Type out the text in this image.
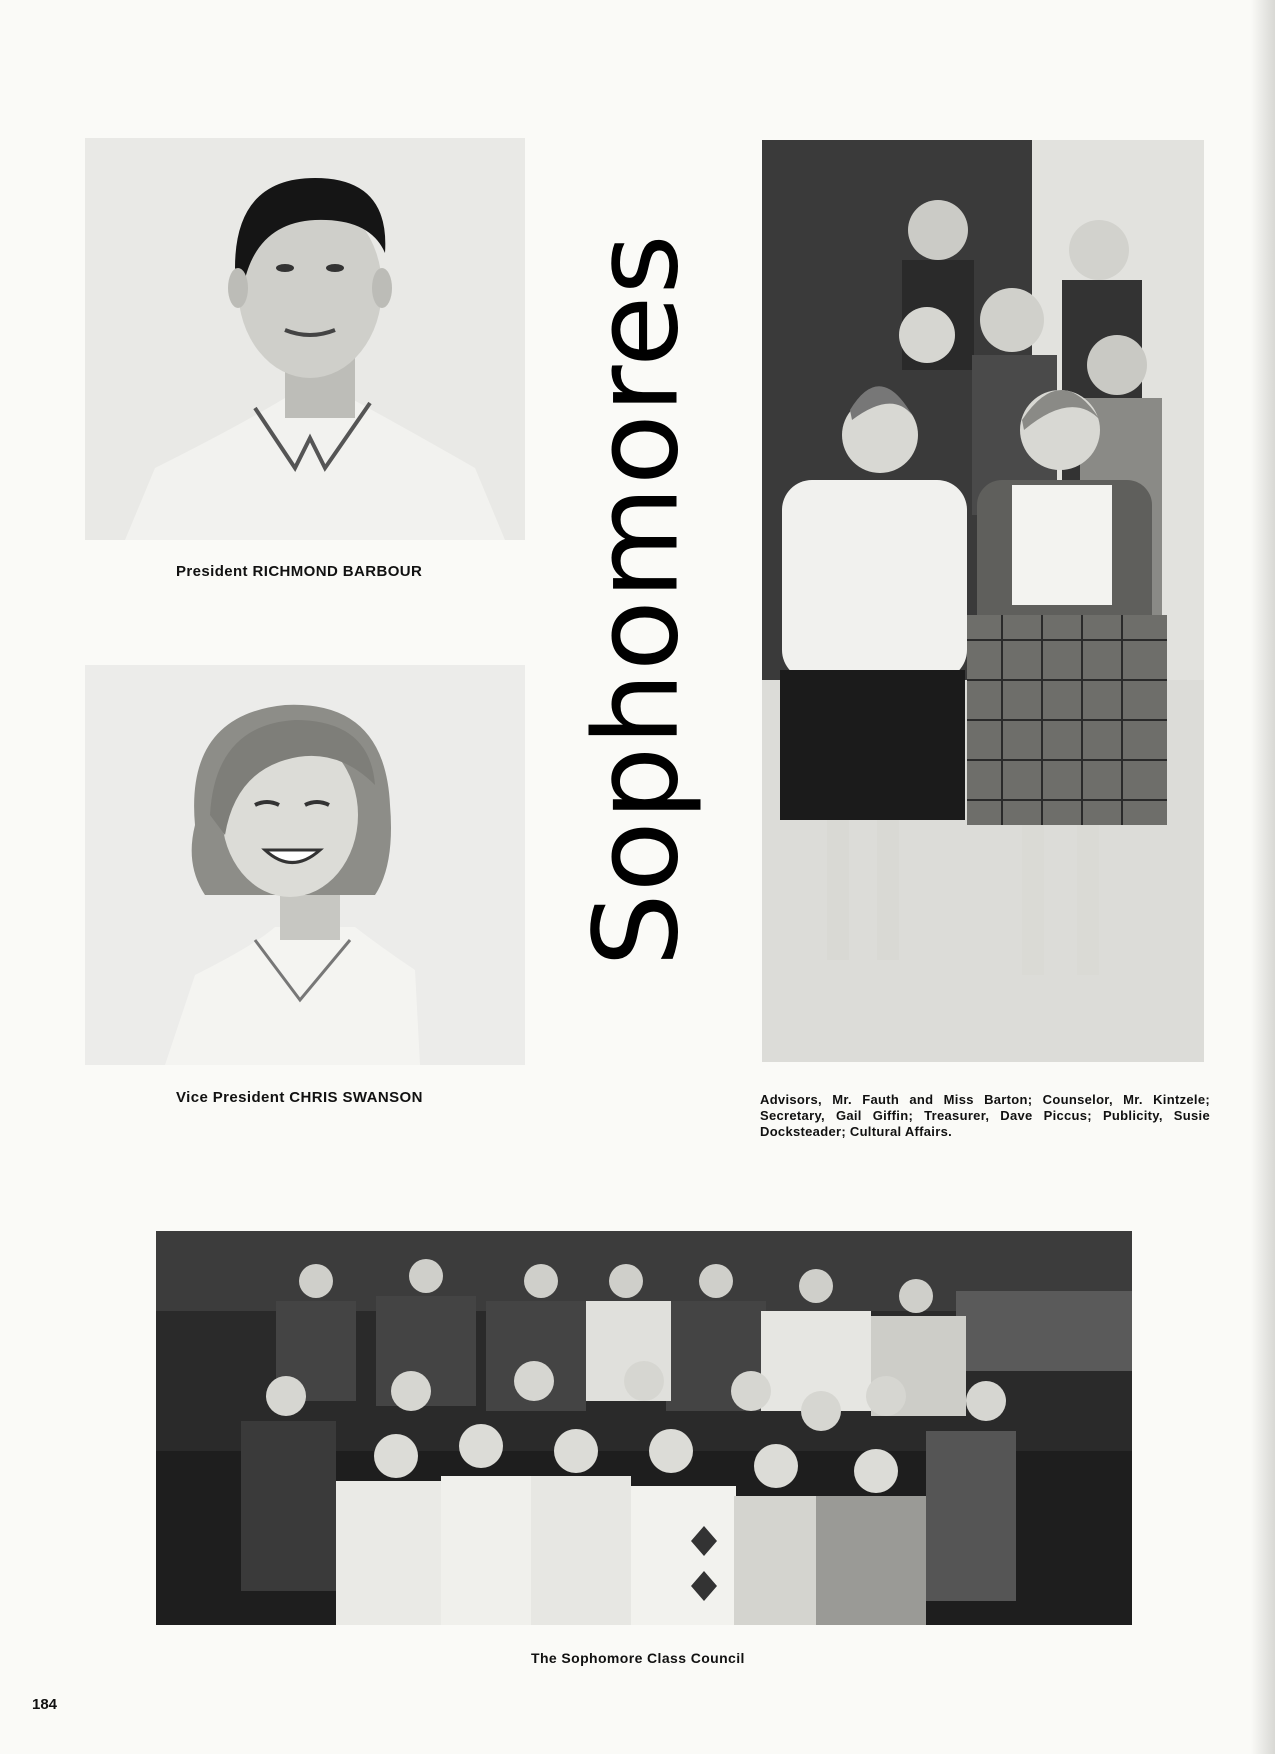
President RICHMOND BARBOUR
Vice President CHRIS SWANSON
Sophomores
Advisors, Mr. Fauth and Miss Barton; Counselor, Mr. Kintzele; Secretary, Gail Giffin; Treasurer, Dave Piccus; Publicity, Susie Docksteader; Cultural Affairs.
The Sophomore Class Council
184
